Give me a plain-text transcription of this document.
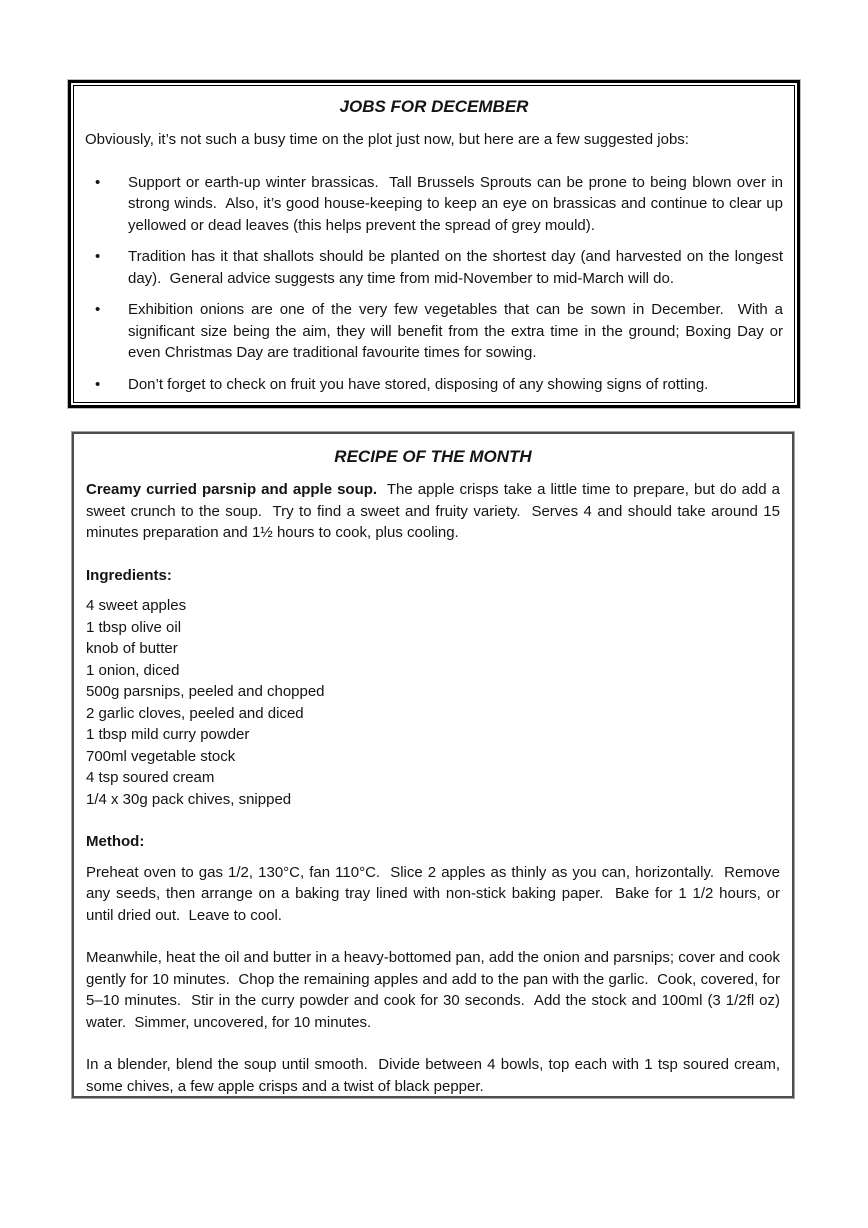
JOBS FOR DECEMBER

Obviously, it’s not such a busy time on the plot just now, but here are a few suggested jobs:

•	Support or earth-up winter brassicas.  Tall Brussels Sprouts can be prone to being blown over in strong winds.  Also, it’s good house-keeping to keep an eye on brassicas and continue to clear up yellowed or dead leaves (this helps prevent the spread of grey mould).
•	Tradition has it that shallots should be planted on the shortest day (and harvested on the longest day).  General advice suggests any time from mid-November to mid-March will do.
•	Exhibition onions are one of the very few vegetables that can be sown in December.  With a significant size being the aim, they will benefit from the extra time in the ground; Boxing Day or even Christmas Day are traditional favourite times for sowing.
•	Don’t forget to check on fruit you have stored, disposing of any showing signs of rotting.
RECIPE OF THE MONTH

Creamy curried parsnip and apple soup.  The apple crisps take a little time to prepare, but do add a sweet crunch to the soup.  Try to find a sweet and fruity variety.  Serves 4 and should take around 15 minutes preparation and 1½ hours to cook, plus cooling.

Ingredients:
4 sweet apples
1 tbsp olive oil
knob of butter
1 onion, diced
500g parsnips, peeled and chopped
2 garlic cloves, peeled and diced
1 tbsp mild curry powder
700ml vegetable stock
4 tsp soured cream
1/4 x 30g pack chives, snipped
Method:

Preheat oven to gas 1/2, 130°C, fan 110°C.  Slice 2 apples as thinly as you can, horizontally.  Remove any seeds, then arrange on a baking tray lined with non-stick baking paper.  Bake for 1 1/2 hours, or until dried out.  Leave to cool.

Meanwhile, heat the oil and butter in a heavy-bottomed pan, add the onion and parsnips; cover and cook gently for 10 minutes.  Chop the remaining apples and add to the pan with the garlic.  Cook, covered, for 5–10 minutes.  Stir in the curry powder and cook for 30 seconds.  Add the stock and 100ml (3 1/2fl oz) water.  Simmer, uncovered, for 10 minutes.

In a blender, blend the soup until smooth.  Divide between 4 bowls, top each with 1 tsp soured cream, some chives, a few apple crisps and a twist of black pepper.
